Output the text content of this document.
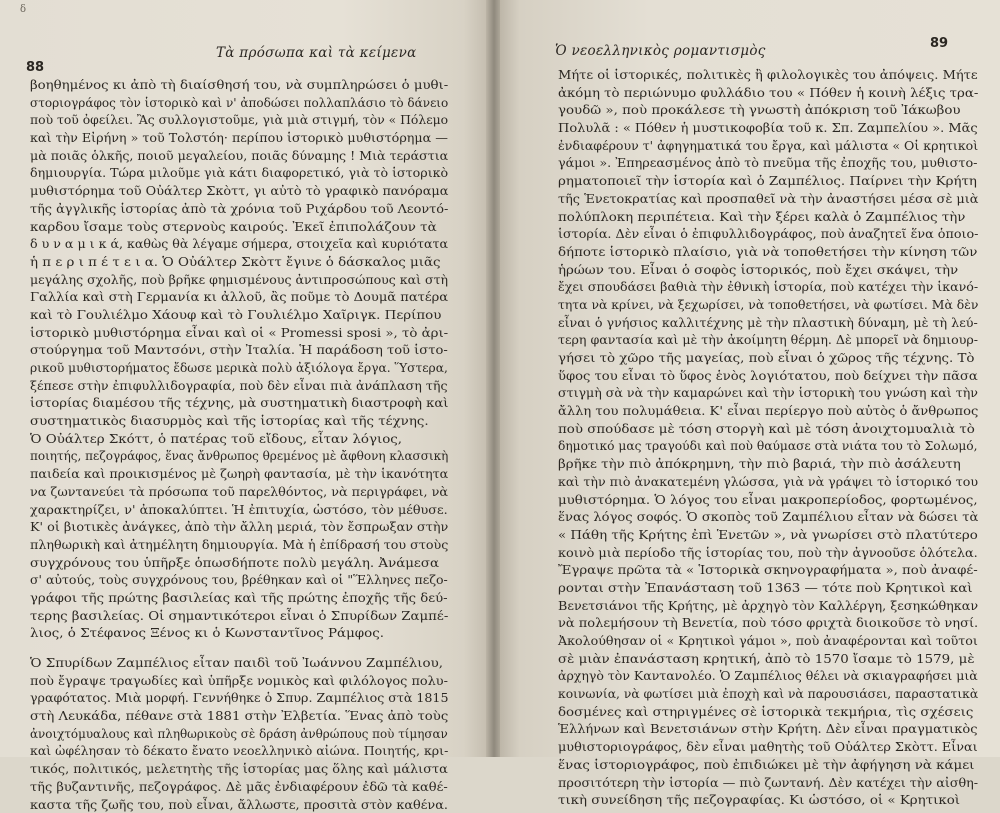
δ
88
Τὰ πρόσωπα καὶ τὰ κείμενα
βοηθημένος κι ἀπὸ τὴ διαίσθησή του, νὰ συμπληρώσει ὁ μυθι-
στοριογράφος τὸν ἱστορικὸ καὶ ν' ἀποδώσει πολλαπλάσιο τὸ δάνειο
ποὺ τοῦ ὀφείλει. Ἂς συλλογιστοῦμε, γιὰ μιὰ στιγμή, τὸν « Πόλεμο
καὶ τὴν Εἰρήνη » τοῦ Τολστόη· περίπου ἱστορικὸ μυθιστόρημα —
μὰ ποιᾶς ὁλκῆς, ποιοῦ μεγαλείου, ποιᾶς δύναμης ! Μιὰ τεράστια
δημιουργία. Τώρα μιλοῦμε γιὰ κάτι διαφορετικό, γιὰ τὸ ἱστορικὸ
μυθιστόρημα τοῦ Οὐάλτερ Σκὸττ, γι αὐτὸ τὸ γραφικὸ πανόραμα
τῆς ἀγγλικῆς ἱστορίας ἀπὸ τὰ χρόνια τοῦ Ριχάρδου τοῦ Λεοντό-
καρδου ἴσαμε τοὺς στερνοὺς καιρούς. Ἐκεῖ ἐπιπολάζουν τὰ
δ υ ν α μ ι κ ά, καθὼς θὰ λέγαμε σήμερα, στοιχεῖα καὶ κυριότατα
ἡ π ε ρ ι π έ τ ε ι α. Ὁ Οὐάλτερ Σκὸττ ἔγινε ὁ δάσκαλος μιᾶς
μεγάλης σχολῆς, ποὺ βρῆκε φημισμένους ἀντιπροσώπους καὶ στὴ
Γαλλία καὶ στὴ Γερμανία κι ἀλλοῦ, ἂς ποῦμε τὸ Δουμᾶ πατέρα
καὶ τὸ Γουλιέλμο Χάουφ καὶ τὸ Γουλιέλμο Χαῖριγκ. Περίπου
ἱστορικὸ μυθιστόρημα εἶναι καὶ οἱ « Promessi sposi », τὸ ἀρι-
στούργημα τοῦ Μαντσόνι, στὴν Ἰταλία. Ἡ παράδοση τοῦ ἱστο-
ρικοῦ μυθιστορήματος ἔδωσε μερικὰ πολὺ ἀξιόλογα ἔργα. Ὕστερα,
ξέπεσε στὴν ἐπιφυλλιδογραφία, ποὺ δὲν εἶναι πιὰ ἀνάπλαση τῆς
ἱστορίας διαμέσου τῆς τέχνης, μὰ συστηματικὴ διαστροφὴ καὶ
συστηματικὸς διασυρμὸς καὶ τῆς ἱστορίας καὶ τῆς τέχνης.
Ὁ Οὐάλτερ Σκόττ, ὁ πατέρας τοῦ εἴδους, εἶταν λόγιος,
ποιητής, πεζογράφος, ἕνας ἄνθρωπος θρεμένος μὲ ἄφθονη κλασσικὴ
παιδεία καὶ προικισμένος μὲ ζωηρὴ φαντασία, μὲ τὴν ἱκανότητα
να ζωντανεύει τὰ πρόσωπα τοῦ παρελθόντος, νὰ περιγράφει, νὰ
χαρακτηρίζει, ν' ἀποκαλύπτει. Ἡ ἐπιτυχία, ὡστόσο, τὸν μέθυσε.
Κ' οἱ βιοτικὲς ἀνάγκες, ἀπὸ τὴν ἄλλη μεριά, τὸν ἔσπρωξαν στὴν
πληθωρικὴ καὶ ἀτημέλητη δημιουργία. Μὰ ἡ ἐπίδρασή του στοὺς
συγχρόνους του ὑπῆρξε ὁπωσδήποτε πολὺ μεγάλη. Ἀνάμεσα
σ' αὐτούς, τοὺς συγχρόνους του, βρέθηκαν καὶ οἱ "Ἕλληνες πεζο-
γράφοι τῆς πρώτης βασιλείας καὶ τῆς πρώτης ἐποχῆς τῆς δεύ-
τερης βασιλείας. Οἱ σημαντικότεροι εἶναι ὁ Σπυρίδων Ζαμπέ-
λιος, ὁ Στέφανος Ξένος κι ὁ Κωνσταντῖνος Ράμφος.
Ὁ Σπυρίδων Ζαμπέλιος εἶταν παιδὶ τοῦ Ἰωάννου Ζαμπέλιου,
ποὺ ἔγραψε τραγωδίες καὶ ὑπῆρξε νομικὸς καὶ φιλόλογος πολυ-
γραφότατος. Μιὰ μορφή. Γεννήθηκε ὁ Σπυρ. Ζαμπέλιος στὰ 1815
στὴ Λευκάδα, πέθανε στὰ 1881 στὴν Ἐλβετία. Ἕνας ἀπὸ τοὺς
ἀνοιχτόμυαλους καὶ πληθωρικοὺς σὲ δράση ἀνθρώπους ποὺ τίμησαν
καὶ ὠφέλησαν τὸ δέκατο ἔνατο νεοελληνικὸ αἰώνα. Ποιητής, κρι-
τικός, πολιτικός, μελετητὴς τῆς ἱστορίας μας ὅλης καὶ μάλιστα
τῆς βυζαντινῆς, πεζογράφος. Δὲ μᾶς ἐνδιαφέρουν ἐδῶ τὰ καθέ-
καστα τῆς ζωῆς του, ποὺ εἶναι, ἄλλωστε, προσιτὰ στὸν καθένα.
Ὁ νεοελληνικὸς ρομαντισμὸς	89
Μήτε οἱ ἱστορικές, πολιτικὲς ἢ φιλολογικὲς του ἀπόψεις. Μήτε
ἀκόμη τὸ περιώνυμο φυλλάδιο του « Πόθεν ἡ κοινὴ λέξις τρα-
γουδῶ », ποὺ προκάλεσε τὴ γνωστὴ ἀπόκριση τοῦ Ἰάκωβου
Πολυλᾶ : « Πόθεν ἡ μυστικοφοβία τοῦ κ. Σπ. Ζαμπελίου ». Μᾶς
ἐνδιαφέρουν τ' ἀφηγηματικά του ἔργα, καὶ μάλιστα « Οἱ κρητικοὶ
γάμοι ». Ἐπηρεασμένος ἀπὸ τὸ πνεῦμα τῆς ἐποχῆς του, μυθιστο-
ρηματοποιεῖ τὴν ἱστορία καὶ ὁ Ζαμπέλιος. Παίρνει τὴν Κρήτη
τῆς Ἑνετοκρατίας καὶ προσπαθεῖ νὰ τὴν ἀναστήσει μέσα σὲ μιὰ
πολύπλοκη περιπέτεια. Καὶ τὴν ξέρει καλὰ ὁ Ζαμπέλιος τὴν
ἱστορία. Δὲν εἶναι ὁ ἐπιφυλλιδογράφος, ποὺ ἀναζητεῖ ἕνα ὁποιο-
δήποτε ἱστορικὸ πλαίσιο, γιὰ νὰ τοποθετήσει τὴν κίνηση τῶν
ἡρώων του. Εἶναι ὁ σοφὸς ἱστορικός, ποὺ ἔχει σκάψει, τὴν
ἔχει σπουδάσει βαθιὰ τὴν ἐθνικὴ ἱστορία, ποὺ κατέχει τὴν ἱκανό-
τητα νὰ κρίνει, νὰ ξεχωρίσει, νὰ τοποθετήσει, νὰ φωτίσει. Μὰ δὲν
εἶναι ὁ γνήσιος καλλιτέχνης μὲ τὴν πλαστικὴ δύναμη, μὲ τὴ λεύ-
τερη φαντασία καὶ μὲ τὴν ἀκοίμητη θέρμη. Δὲ μπορεῖ νὰ δημιουρ-
γήσει τὸ χῶρο τῆς μαγείας, ποὺ εἶναι ὁ χῶρος τῆς τέχνης. Τὸ
ὕφος του εἶναι τὸ ὕφος ἑνὸς λογιότατου, ποὺ δείχνει τὴν πᾶσα
στιγμὴ σὰ νὰ τὴν καμαρώνει καὶ τὴν ἱστορικὴ του γνώση καὶ τὴν
ἄλλη του πολυμάθεια. Κ' εἶναι περίεργο ποὺ αὐτὸς ὁ ἄνθρωπος
ποὺ σπούδασε μὲ τόση στοργὴ καὶ μὲ τόση ἀνοιχτομυαλιὰ τὸ
δημοτικό μας τραγούδι καὶ ποὺ θαύμασε στὰ νιάτα του τὸ Σολωμό,
βρῆκε τὴν πιὸ ἀπόκρημνη, τὴν πιὸ βαριά, τὴν πιὸ ἀσάλευτη
καὶ τὴν πιὸ ἀνακατεμένη γλώσσα, γιὰ νὰ γράψει τὸ ἱστορικό του
μυθιστόρημα. Ὁ λόγος του εἶναι μακροπερίοδος, φορτωμένος,
ἕνας λόγος σοφός. Ὁ σκοπὸς τοῦ Ζαμπέλιου εἶταν νὰ δώσει τὰ
« Πάθη τῆς Κρήτης ἐπὶ Ἑνετῶν », νὰ γνωρίσει στὸ πλατύτερο
κοινὸ μιὰ περίοδο τῆς ἱστορίας του, ποὺ τὴν ἀγνοοῦσε ὁλότελα.
Ἔγραψε πρῶτα τὰ « Ἱστορικὰ σκηνογραφήματα », ποὺ ἀναφέ-
ρονται στὴν Ἐπανάσταση τοῦ 1363 — τότε ποὺ Κρητικοὶ καὶ
Βενετσιάνοι τῆς Κρήτης, μὲ ἀρχηγὸ τὸν Καλλέργη, ξεσηκώθηκαν
νὰ πολεμήσουν τὴ Βενετία, ποὺ τόσο φριχτὰ διοικοῦσε τὸ νησί.
Ἀκολούθησαν οἱ « Κρητικοὶ γάμοι », ποὺ ἀναφέρονται καὶ τοῦτοι
σὲ μιὰν ἐπανάσταση κρητική, ἀπὸ τὸ 1570 ἴσαμε τὸ 1579, μὲ
ἀρχηγὸ τὸν Καντανολέο. Ὁ Ζαμπέλιος θέλει νὰ σκιαγραφήσει μιὰ
κοινωνία, νὰ φωτίσει μιὰ ἐποχὴ καὶ νὰ παρουσιάσει, παραστατικὰ
δοσμένες καὶ στηριγμένες σὲ ἱστορικὰ τεκμήρια, τὶς σχέσεις
Ἑλλήνων καὶ Βενετσιάνων στὴν Κρήτη. Δὲν εἶναι πραγματικὸς
μυθιστοριογράφος, δὲν εἶναι μαθητὴς τοῦ Οὐάλτερ Σκὸττ. Εἶναι
ἕνας ἱστοριογράφος, ποὺ ἐπιδιώκει μὲ τὴν ἀφήγηση νὰ κάμει
προσιτότερη τὴν ἱστορία — πιὸ ζωντανή. Δὲν κατέχει τὴν αἰσθη-
τικὴ συνείδηση τῆς πεζογραφίας. Κι ὡστόσο, οἱ « Κρητικοὶ
